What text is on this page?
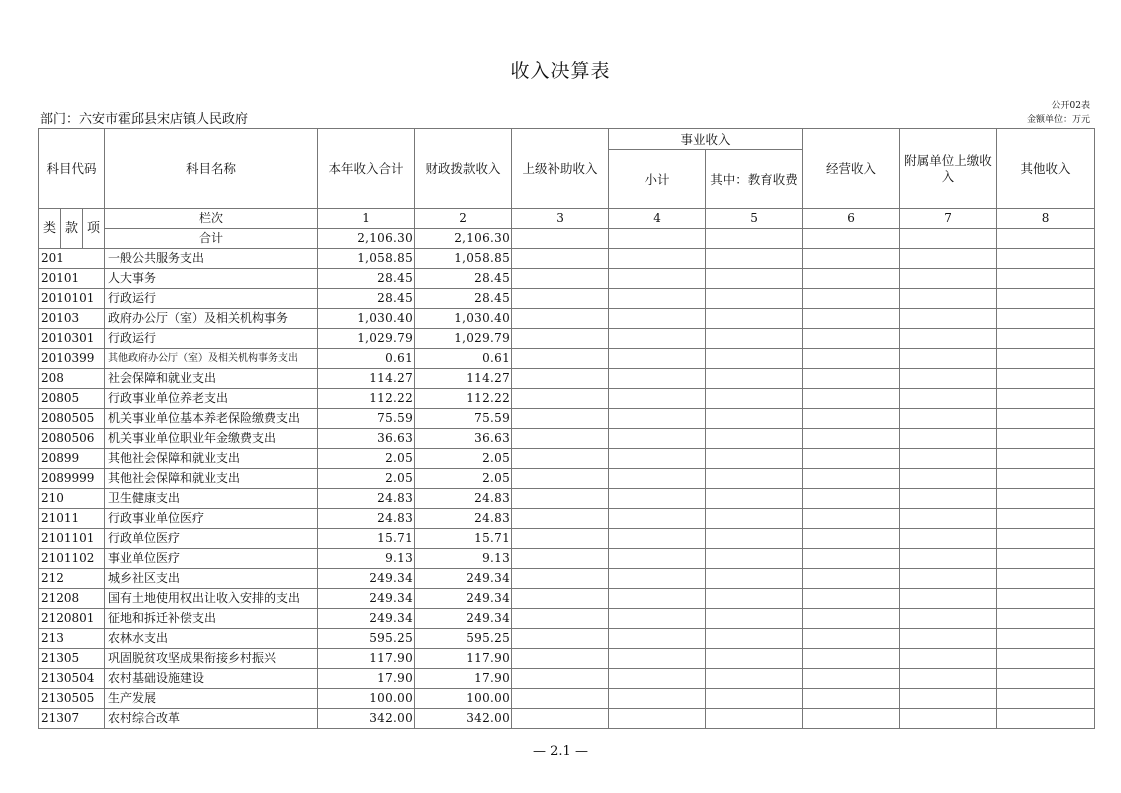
收入决算表
部门：六安市霍邱县宋店镇人民政府
公开02表
金额单位：万元
科目代码			科目名称	本年收入合计	财政拨款收入	上级补助收入	事业收入		经营收入	附属单位上缴收入	其他收入
							小计	其中：教育收费			
类	款	项	栏次	1	2	3	4	5	6	7	8
			合计	2,106.30	2,106.30						
201			一般公共服务支出	1,058.85	1,058.85						
20101			人大事务	28.45	28.45						
2010101			行政运行	28.45	28.45						
20103			政府办公厅（室）及相关机构事务	1,030.40	1,030.40						
2010301			行政运行	1,029.79	1,029.79						
2010399			其他政府办公厅（室）及相关机构事务支出	0.61	0.61						
208			社会保障和就业支出	114.27	114.27						
20805			行政事业单位养老支出	112.22	112.22						
2080505			机关事业单位基本养老保险缴费支出	75.59	75.59						
2080506			机关事业单位职业年金缴费支出	36.63	36.63						
20899			其他社会保障和就业支出	2.05	2.05						
2089999			其他社会保障和就业支出	2.05	2.05						
210			卫生健康支出	24.83	24.83						
21011			行政事业单位医疗	24.83	24.83						
2101101			行政单位医疗	15.71	15.71						
2101102			事业单位医疗	9.13	9.13						
212			城乡社区支出	249.34	249.34						
21208			国有土地使用权出让收入安排的支出	249.34	249.34						
2120801			征地和拆迁补偿支出	249.34	249.34						
213			农林水支出	595.25	595.25						
21305			巩固脱贫攻坚成果衔接乡村振兴	117.90	117.90						
2130504			农村基础设施建设	17.90	17.90						
2130505			生产发展	100.00	100.00						
21307			农村综合改革	342.00	342.00						
— 2.1 —
